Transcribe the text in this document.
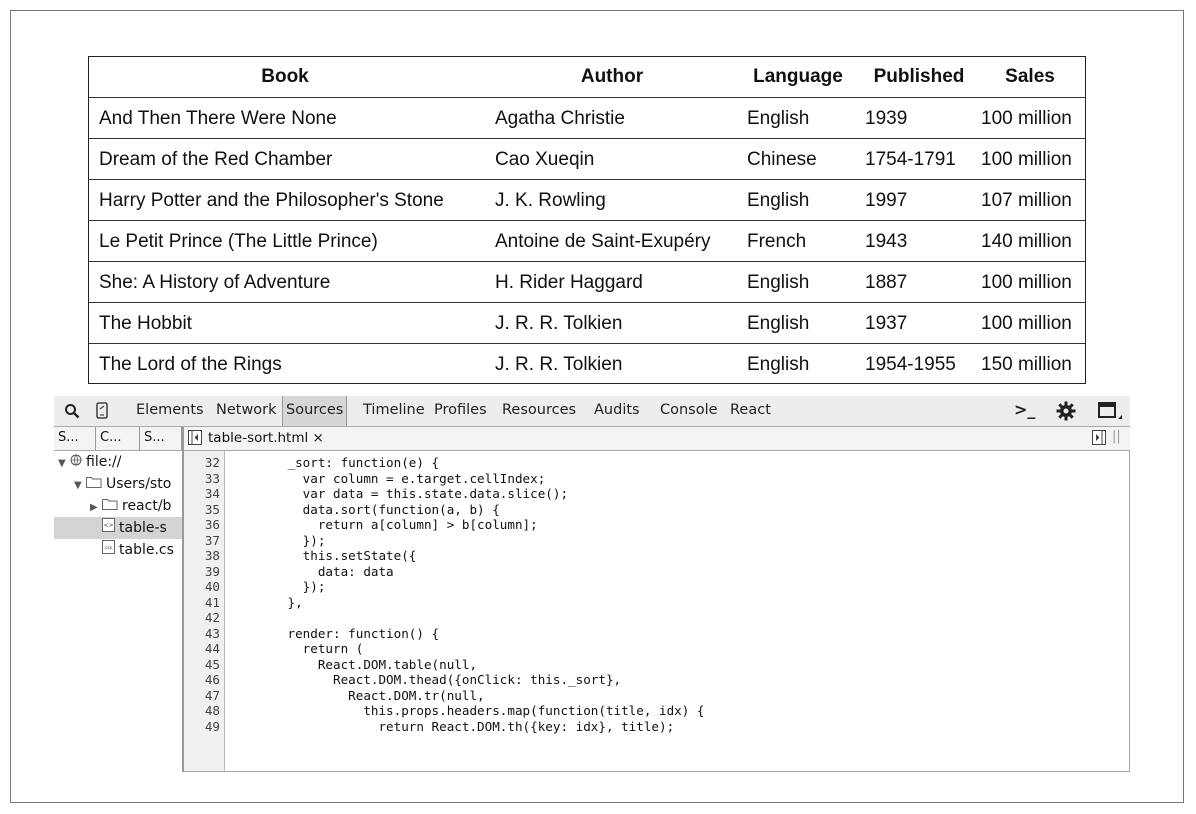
Book	Author	Language	Published	Sales
And Then There Were None	Agatha Christie	English	1939	100 million
Dream of the Red Chamber	Cao Xueqin	Chinese	1754-1791	100 million
Harry Potter and the Philosopher's Stone	J. K. Rowling	English	1997	107 million
Le Petit Prince (The Little Prince)	Antoine de Saint-Exupéry	French	1943	140 million
She: A History of Adventure	H. Rider Haggard	English	1887	100 million
The Hobbit	J. R. R. Tolkien	English	1937	100 million
The Lord of the Rings	J. R. R. Tolkien	English	1954-1955	150 million
Elements Network Sources Timeline Profiles Resources Audits Console React	>_
S...	C...	S...
▼ file://
▼ Users/sto
▶ react/b
<> table-s
css table.cs
table-sort.html ×	||
32 _sort: function(e) {
33 var column = e.target.cellIndex;
34 var data = this.state.data.slice();
35 data.sort(function(a, b) {
36 return a[column] > b[column];
37 });
38 this.setState({
39 data: data
40 });
41 },
42
43 render: function() {
44 return (
45 React.DOM.table(null,
46 React.DOM.thead({onClick: this._sort},
47 React.DOM.tr(null,
48 this.props.headers.map(function(title, idx) {
49 return React.DOM.th({key: idx}, title);
